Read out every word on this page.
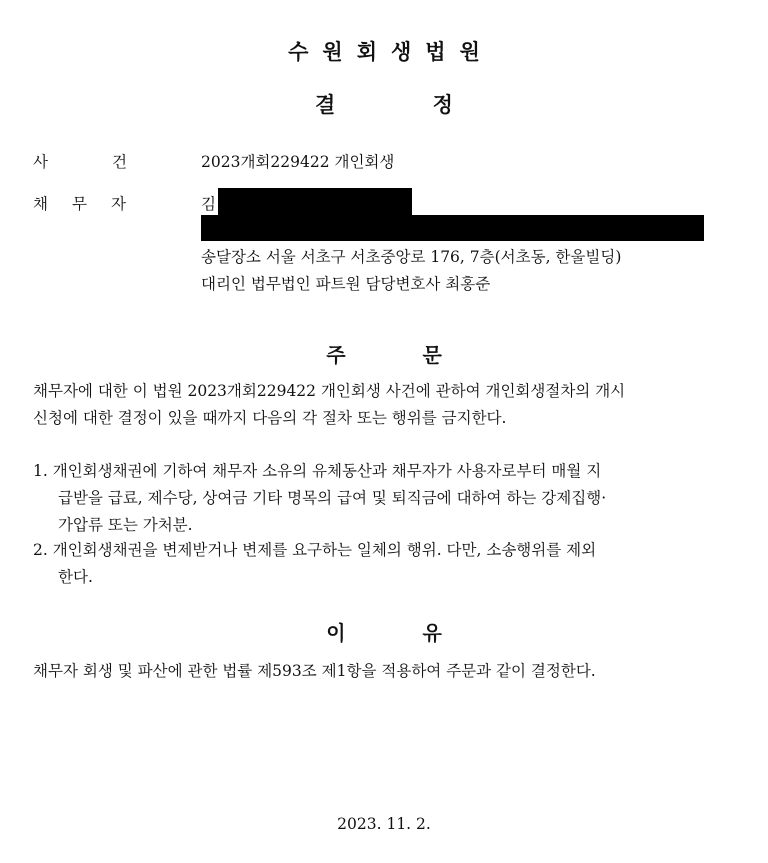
수원회생법원
결 정
사건 2023개회229422 개인회생
채무자	김
송달장소 서울 서초구 서초중앙로 176, 7층(서초동, 한울빌딩)
대리인 법무법인 파트원 담당변호사 최홍준
주 문
채무자에 대한 이 법원 2023개회229422 개인회생 사건에 관하여 개인회생절차의 개시
신청에 대한 결정이 있을 때까지 다음의 각 절차 또는 행위를 금지한다.
1. 개인회생채권에 기하여 채무자 소유의 유체동산과 채무자가 사용자로부터 매월 지
급받을 급료, 제수당, 상여금 기타 명목의 급여 및 퇴직금에 대하여 하는 강제집행·
가압류 또는 가처분.
2. 개인회생채권을 변제받거나 변제를 요구하는 일체의 행위. 다만, 소송행위를 제외
한다.
이 유
채무자 회생 및 파산에 관한 법률 제593조 제1항을 적용하여 주문과 같이 결정한다.
2023. 11. 2.
